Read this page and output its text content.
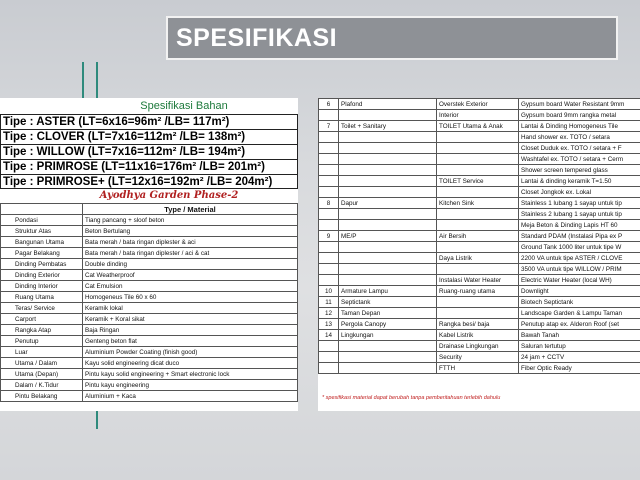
SPESIFIKASI
Spesifikasi Bahan
Tipe : ASTER (LT=6x16=96m² /LB= 117m²)
Tipe : CLOVER (LT=7x16=112m² /LB= 138m²)
Tipe : WILLOW (LT=7x16=112m² /LB= 194m²)
Tipe : PRIMROSE (LT=11x16=176m² /LB= 201m²)
Tipe : PRIMROSE+ (LT=12x16=192m² /LB= 204m²)
Ayodhya Garden Phase-2
	Type / Material
Pondasi	Tiang pancang + sloof beton
Struktur Atas	Beton Bertulang
Bangunan Utama	Bata merah / bata ringan diplester & aci
Pagar Belakang	Bata merah / bata ringan diplester / aci & cat
Dinding Pembatas	Double dinding
Dinding Exterior	Cat Weatherproof
Dinding Interior	Cat Emulsion
Ruang Utama	Homogeneus Tile 60 x 60
Teras/ Service	Keramik lokal
Carport	Keramik + Koral sikat
Rangka Atap	Baja Ringan
Penutup	Genteng beton flat
Luar	Aluminium Powder Coating (finish good)
Utama / Dalam	Kayu solid engineering dicat duco
Utama (Depan)	Pintu kayu solid engineering + Smart electronic lock
Dalam / K.Tidur	Pintu kayu engineering
Pintu Belakang	Aluminium + Kaca
6	Plafond	Overstek Exterior	Gypsum board Water Resistant 9mm
		Interior	Gypsum board 9mm rangka metal
7	Toilet + Sanitary	TOILET Utama & Anak	Lantai & Dinding Homogeneus Tile
			Hand shower ex. TOTO / setara
			Closet Duduk ex. TOTO / setara + F
			Washtafel ex. TOTO / setara + Cerm
			Shower screen tempered glass
		TOILET Service	Lantai & dinding keramik T=1.50
			Closet Jongkok ex. Lokal
8	Dapur	Kitchen Sink	Stainless 1 lubang 1 sayap untuk tip
			Stainless 2 lubang 1 sayap untuk tip
			Meja Beton & Dinding Lapis HT 60
9	ME/P	Air Bersih	Standard PDAM (Instalasi Pipa ex P
			Ground Tank 1000 liter untuk tipe W
		Daya Listrik	2200 VA untuk tipe ASTER / CLOVE
			3500 VA untuk tipe WILLOW / PRIM
		Instalasi Water Heater	Electric Water Heater (local WH)
10	Armature Lampu	Ruang-ruang utama	Downlight
11	Septictank		Biotech Septictank
12	Taman Depan		Landscape Garden & Lampu Taman
13	Pergola Canopy	Rangka besi/ baja	Penutup atap ex. Alderon Roof (set
14	Lingkungan	Kabel Listrik	Bawah Tanah
		Drainase Lingkungan	Saluran tertutup
		Security	24 jam + CCTV
		FTTH	Fiber Optic Ready
* spesifikasi material dapat berubah tanpa pemberitahuan terlebih dahulu
